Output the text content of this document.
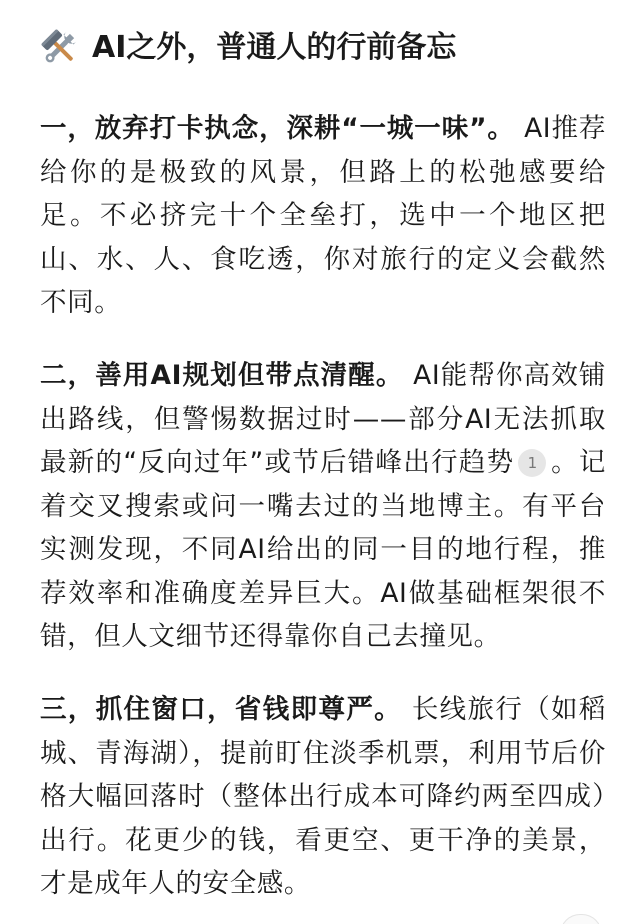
AI之外，普通人的行前备忘

一，放弃打卡执念，深耕“一城一味”。 AI推荐给你的是极致的风景，但路上的松弛感要给足。不必挤完十个全垒打，选中一个地区把山、水、人、食吃透，你对旅行的定义会截然不同。

二，善用AI规划但带点清醒。 AI能帮你高效铺出路线，但警惕数据过时——部分AI无法抓取最新的“反向过年”或节后错峰出行趋势 1 。记着交叉搜索或问一嘴去过的当地博主。有平台实测发现，不同AI给出的同一目的地行程，推荐效率和准确度差异巨大。AI做基础框架很不错，但人文细节还得靠你自己去撞见。

三，抓住窗口，省钱即尊严。 长线旅行（如稻城、青海湖），提前盯住淡季机票，利用节后价格大幅回落时（整体出行成本可降约两至四成）出行。花更少的钱，看更空、更干净的美景，才是成年人的安全感。
